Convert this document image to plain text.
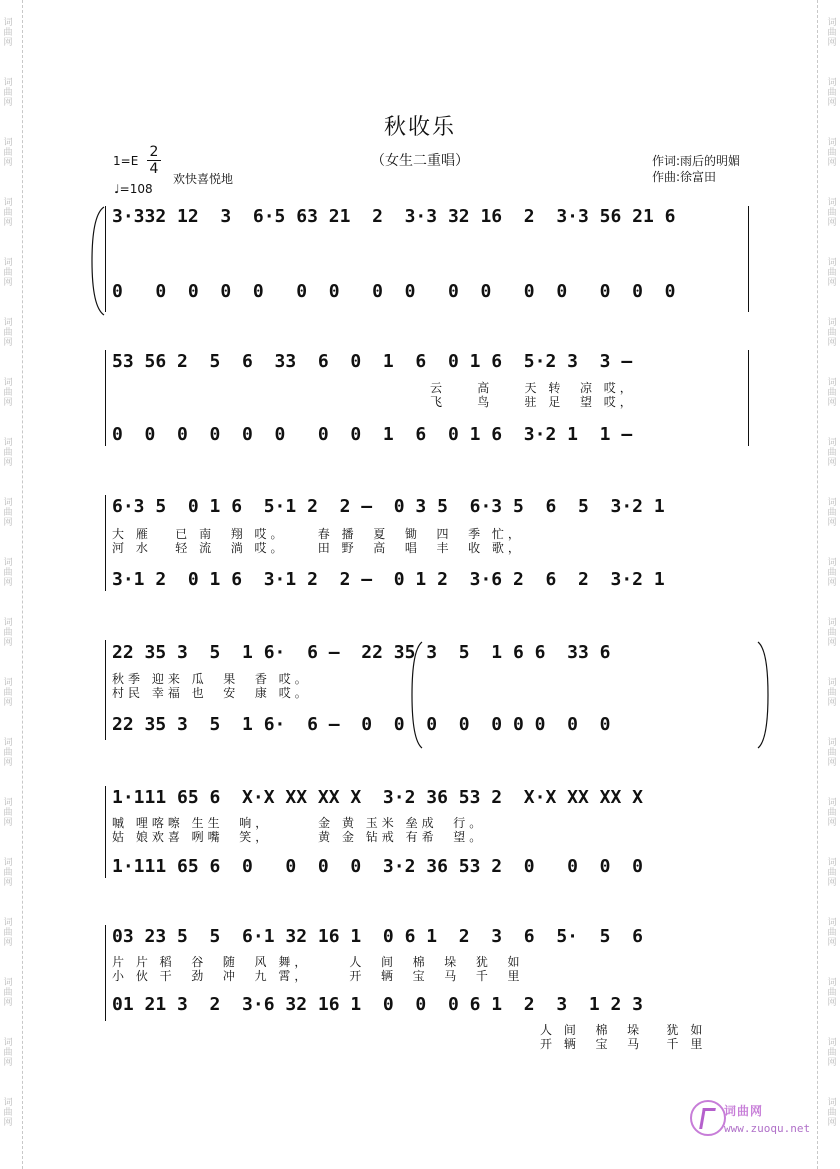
词
曲
网
词
曲
网
词
曲
网
词
曲
网
词
曲
网
词
曲
网
词
曲
网
词
曲
网
词
曲
网
词
曲
网
词
曲
网
词
曲
网
词
曲
网
词
曲
网
词
曲
网
词
曲
网
词
曲
网
词
曲
网
词
曲
网
词
曲
网
词
曲
网
词
曲
网
词
曲
网
词
曲
网
词
曲
网
词
曲
网
词
曲
网
词
曲
网
词
曲
网
词
曲
网
词
曲
网
词
曲
网
词
曲
网
词
曲
网
词
曲
网
词
曲
网
词
曲
网
词
曲
网
秋收乐
（女生二重唱）
1=E
2
4
欢快喜悦地
♩=108
作词:雨后的明媚
作曲:徐富田
3·332 12  3  6·5 63 21  2  3·3 32 16  2  3·3 56 21 6
0   0  0  0  0   0  0   0  0   0  0   0  0   0  0  0
53 56 2  5  6  33  6  0  1  6  0 1 6  5·2 3  3 –
云    高    天 转  凉 哎，
飞    鸟    驻 足  望 哎，
0  0  0  0  0  0   0  0  1  6  0 1 6  3·2 1  1 –
6·3 5  0 1 6  5·1 2  2 –  0 3 5  6·3 5  6  5  3·2 1
大 雁   已 南  翔 哎。    春 播  夏  锄  四  季 忙，
河 水   轻 流  淌 哎。    田 野  高  唱  丰  收 歌，
3·1 2  0 1 6  3·1 2  2 –  0 1 2  3·6 2  6  2  3·2 1
22 35 3  5  1 6·  6 –  22 35 3  5  1 6 6  33 6
秋季 迎来 瓜  果  香 哎。
村民 幸福 也  安  康 哎。
22 35 3  5  1 6·  6 –  0  0  0  0  0 0 0  0  0
1·111 65 6  X·X XX XX X  3·2 36 53 2  X·X XX XX X
嘁 哩喀嚓 生生  响，      金 黄 玉米 垒成  行。
姑 娘欢喜 咧嘴  笑，      黄 金 钻戒 有希  望。
1·111 65 6  0   0  0  0  3·2 36 53 2  0   0  0  0
03 23 5  5  6·1 32 16 1  0 6 1  2  3  6  5·  5  6
片 片 稻  谷  随  风 舞，     人  间  棉  垛  犹  如
小 伙 干  劲  冲  九 霄，     开  辆  宝  马  千  里
01 21 3  2  3·6 32 16 1  0  0  0 6 1  2  3  1 2 3
人 间  棉  垛   犹 如
开 辆  宝  马   千 里
词曲网
www.zuoqu.net
